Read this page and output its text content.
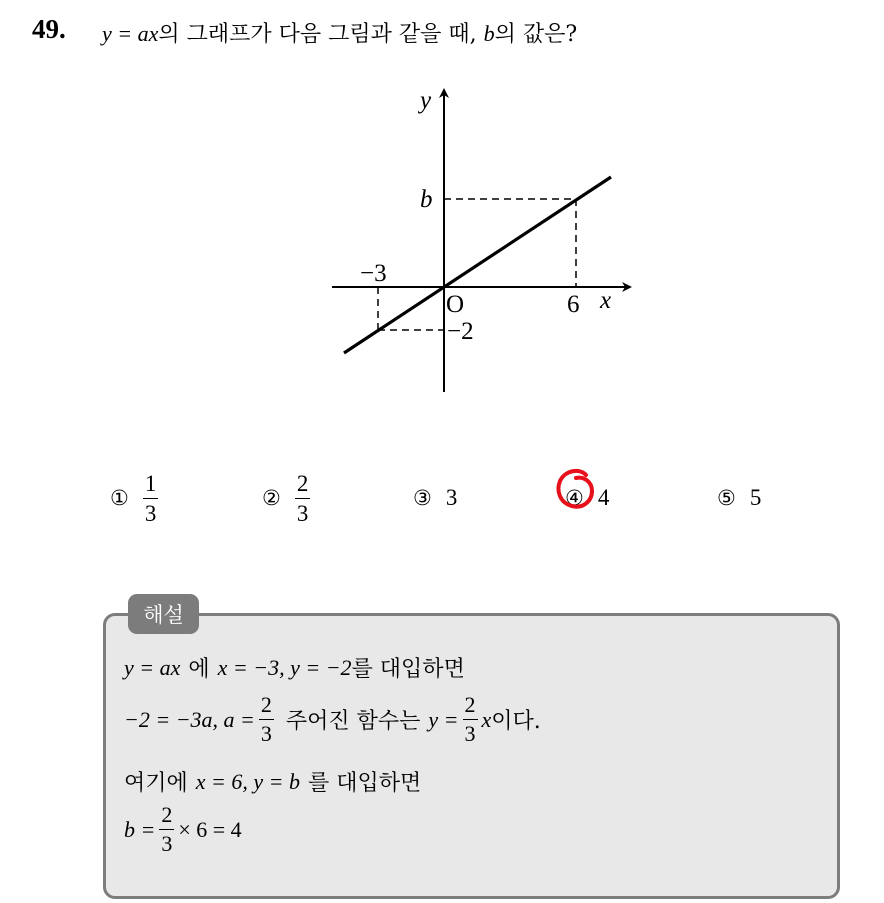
49. y = ax의 그래프가 다음 그림과 같을 때, b의 값은?
y
x
O
b
−3
6
−2
① $\frac{1}{3}$	② $\frac{2}{3}$	③ 3	④ 4	⑤ 5
해설
y = ax 에 x = −3, y = −2 를 대입하면
−2 = −3a, $a = \frac{2}{3}$ 주어진 함수는 $y = \frac{2}{3}$ x 이다.
여기에 x = 6, y = b 를 대입하면
$b = \frac{2}{3} \times 6 = 4$
